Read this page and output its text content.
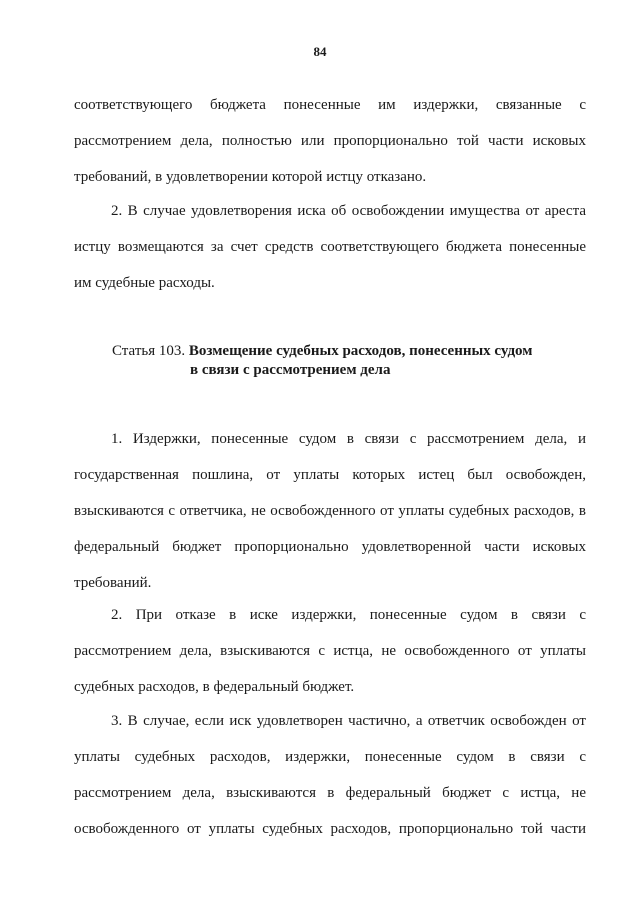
84
соответствующего бюджета понесенные им издержки, связанные с
рассмотрением дела, полностью или пропорционально той части исковых
требований, в удовлетворении которой истцу отказано.
2. В случае удовлетворения иска об освобождении имущества от ареста
истцу возмещаются за счет средств соответствующего бюджета понесенные
им судебные расходы.
Статья 103. Возмещение судебных расходов, понесенных судом
в связи с рассмотрением дела
1. Издержки, понесенные судом в связи с рассмотрением дела, и
государственная пошлина, от уплаты которых истец был освобожден,
взыскиваются с ответчика, не освобожденного от уплаты судебных расходов, в
федеральный бюджет пропорционально удовлетворенной части исковых
требований.
2. При отказе в иске издержки, понесенные судом в связи с
рассмотрением дела, взыскиваются с истца, не освобожденного от уплаты
судебных расходов, в федеральный бюджет.
3. В случае, если иск удовлетворен частично, а ответчик освобожден от
уплаты судебных расходов, издержки, понесенные судом в связи с
рассмотрением дела, взыскиваются в федеральный бюджет с истца, не
освобожденного от уплаты судебных расходов, пропорционально той части
